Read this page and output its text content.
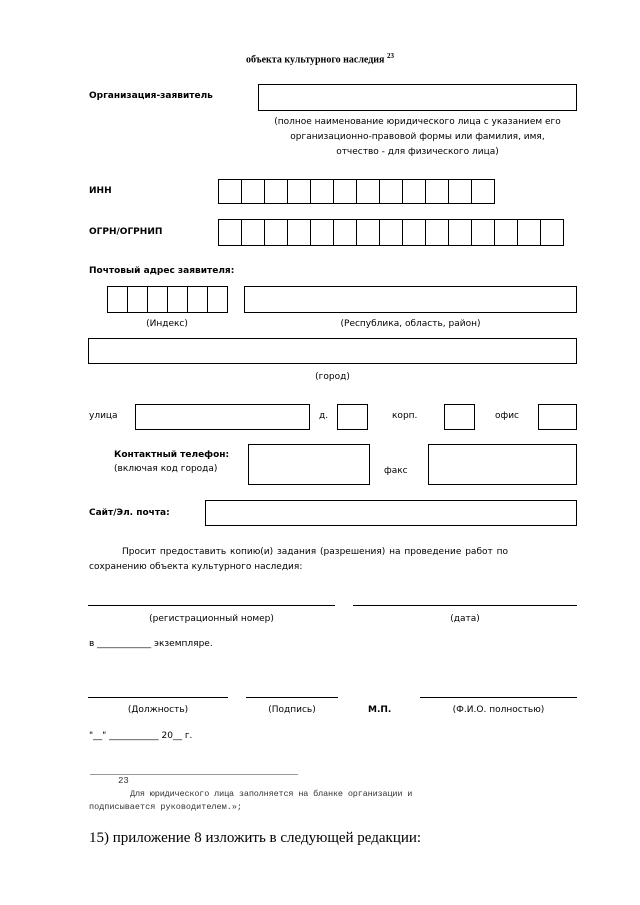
объекта культурного наследия $^{23}$
Организация-заявитель
(полное наименование юридического лица с указанием его
организационно-правовой формы или фамилия, имя,
отчество - для физического лица)
ИНН
ОГРН/ОГРНИП
Почтовый адрес заявителя:
(Индекс)	(Республика, область, район)
(город)
улица	д.	корп.	офис
Контактный телефон:
(включая код города)	факс
Сайт/Эл. почта:
Просит предоставить копию(и) задания (разрешения) на проведение работ по
сохранению объекта культурного наследия:
(регистрационный номер)	(дата)
в ____________ экземпляре.
(Должность)	(Подпись)	М.П.	(Ф.И.О. полностью)
"__" ___________ 20__ г.
23
Для юридического лица заполняется на бланке организации и
подписывается руководителем.»;
15) приложение 8 изложить в следующей редакции:
